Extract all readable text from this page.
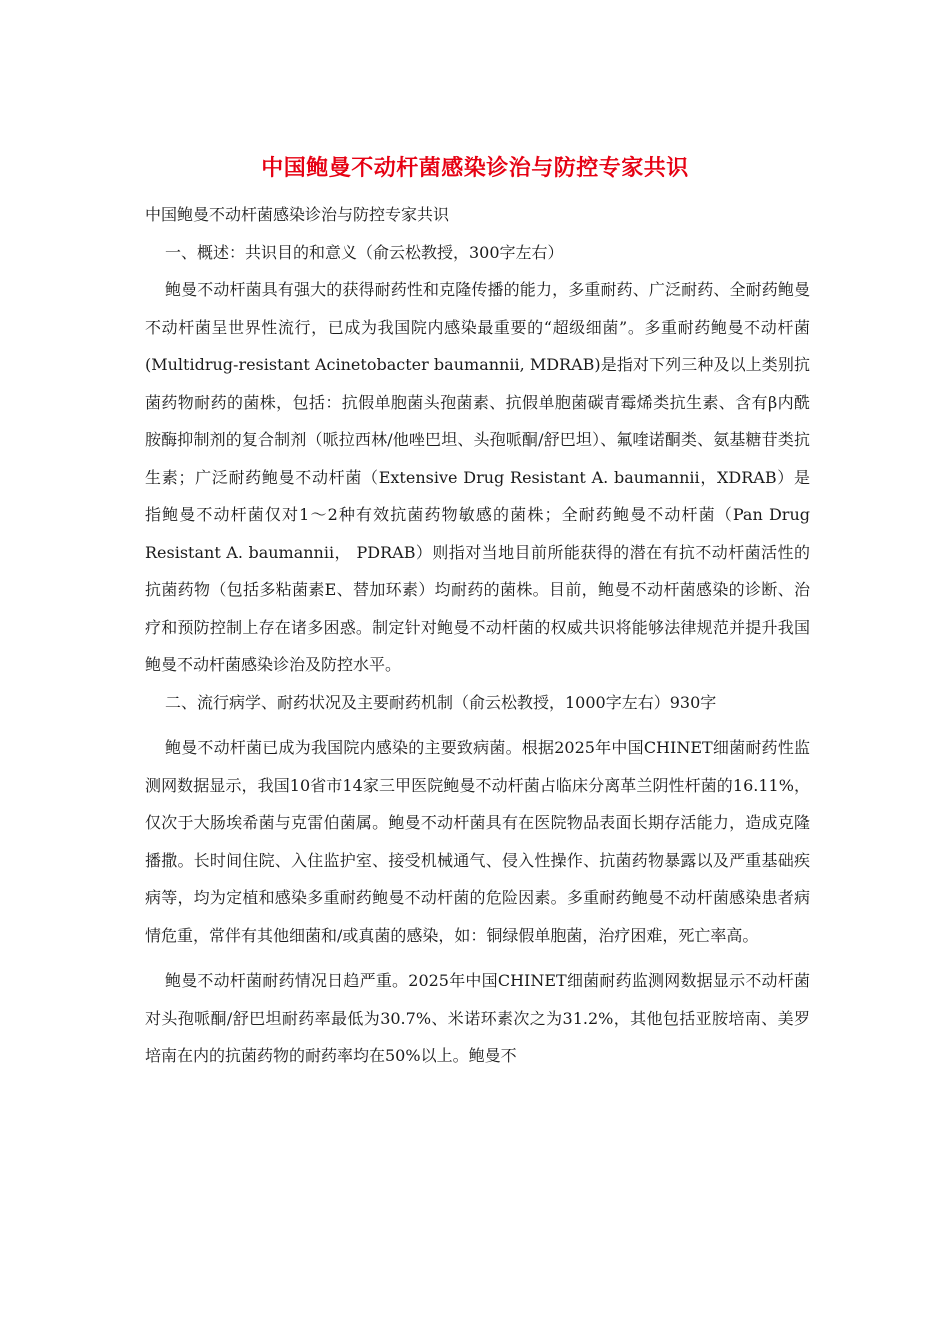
中国鲍曼不动杆菌感染诊治与防控专家共识

中国鲍曼不动杆菌感染诊治与防控专家共识

一、概述：共识目的和意义（俞云松教授，300字左右）

鲍曼不动杆菌具有强大的获得耐药性和克隆传播的能力，多重耐药、广泛耐药、全耐药鲍曼不动杆菌呈世界性流行，已成为我国院内感染最重要的“超级细菌”。多重耐药鲍曼不动杆菌(Multidrug-resistant Acinetobacter baumannii, MDRAB)是指对下列三种及以上类别抗菌药物耐药的菌株，包括：抗假单胞菌头孢菌素、抗假单胞菌碳青霉烯类抗生素、含有β内酰胺酶抑制剂的复合制剂（哌拉西林/他唑巴坦、头孢哌酮/舒巴坦）、氟喹诺酮类、氨基糖苷类抗生素；广泛耐药鲍曼不动杆菌（Extensive Drug Resistant A. baumannii，XDRAB）是指鲍曼不动杆菌仅对1～2种有效抗菌药物敏感的菌株；全耐药鲍曼不动杆菌（Pan Drug Resistant A. baumannii， PDRAB）则指对当地目前所能获得的潜在有抗不动杆菌活性的抗菌药物（包括多粘菌素E、替加环素）均耐药的菌株。目前，鲍曼不动杆菌感染的诊断、治疗和预防控制上存在诸多困惑。制定针对鲍曼不动杆菌的权威共识将能够法律规范并提升我国鲍曼不动杆菌感染诊治及防控水平。

二、流行病学、耐药状况及主要耐药机制（俞云松教授，1000字左右）930字

鲍曼不动杆菌已成为我国院内感染的主要致病菌。根据2025年中国CHINET细菌耐药性监测网数据显示，我国10省市14家三甲医院鲍曼不动杆菌占临床分离革兰阴性杆菌的16.11%，仅次于大肠埃希菌与克雷伯菌属。鲍曼不动杆菌具有在医院物品表面长期存活能力，造成克隆播撒。长时间住院、入住监护室、接受机械通气、侵入性操作、抗菌药物暴露以及严重基础疾病等，均为定植和感染多重耐药鲍曼不动杆菌的危险因素。多重耐药鲍曼不动杆菌感染患者病情危重，常伴有其他细菌和/或真菌的感染，如：铜绿假单胞菌，治疗困难，死亡率高。

鲍曼不动杆菌耐药情况日趋严重。2025年中国CHINET细菌耐药监测网数据显示不动杆菌对头孢哌酮/舒巴坦耐药率最低为30.7%、米诺环素次之为31.2%，其他包括亚胺培南、美罗培南在内的抗菌药物的耐药率均在50%以上。鲍曼不
